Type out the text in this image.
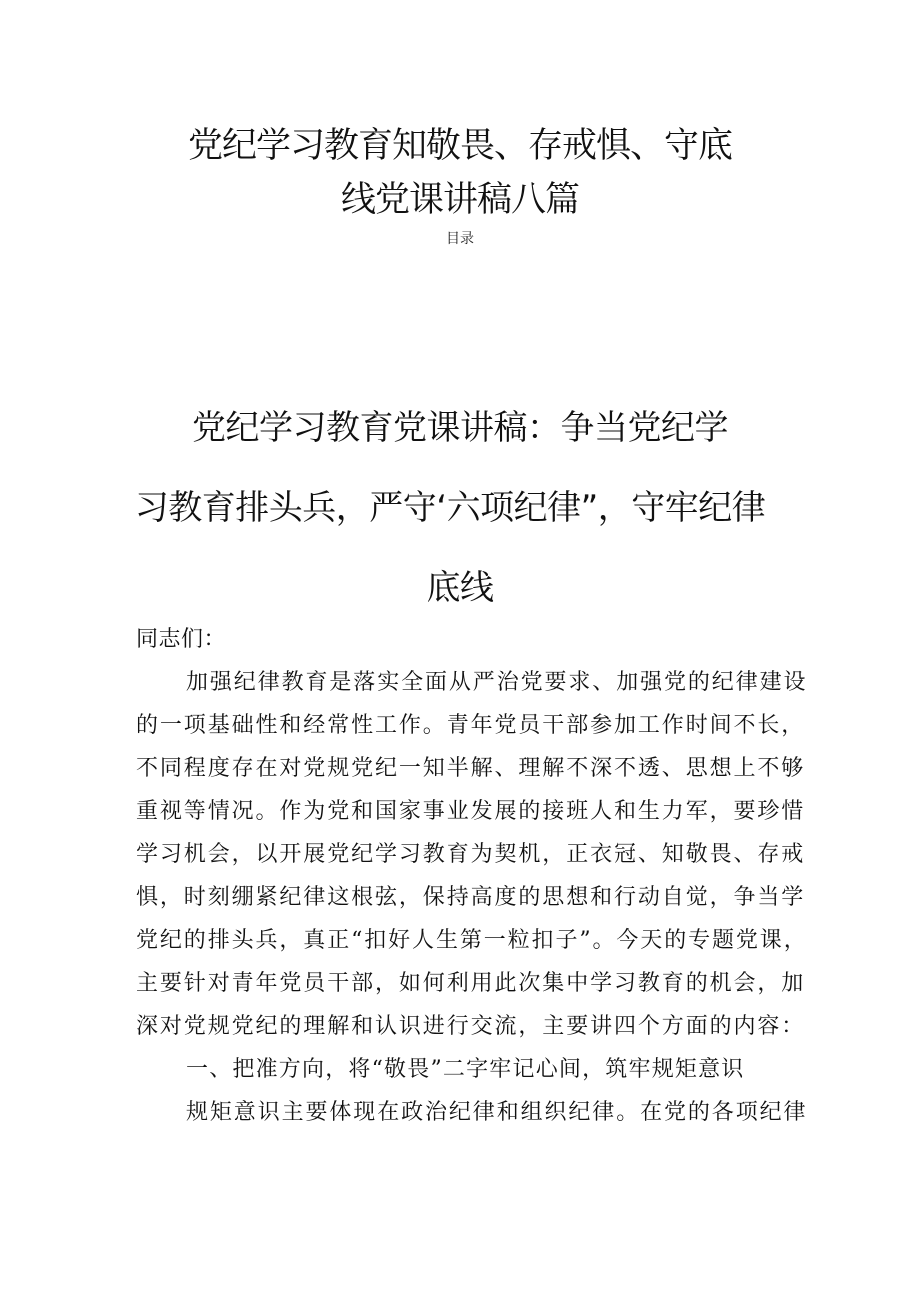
党纪学习教育知敬畏、存戒惧、守底
线党课讲稿八篇
目录
党纪学习教育党课讲稿：争当党纪学
习教育排头兵，严守‘六项纪律”，守牢纪律
底线
同志们：
加强纪律教育是落实全面从严治党要求、加强党的纪律建设
的一项基础性和经常性工作。青年党员干部参加工作时间不长，
不同程度存在对党规党纪一知半解、理解不深不透、思想上不够
重视等情况。作为党和国家事业发展的接班人和生力军，要珍惜
学习机会，以开展党纪学习教育为契机，正衣冠、知敬畏、存戒
惧，时刻绷紧纪律这根弦，保持高度的思想和行动自觉，争当学
党纪的排头兵，真正“扣好人生第一粒扣子”。今天的专题党课，
主要针对青年党员干部，如何利用此次集中学习教育的机会，加
深对党规党纪的理解和认识进行交流，主要讲四个方面的内容：
一、把准方向，将“敬畏”二字牢记心间，筑牢规矩意识
规矩意识主要体现在政治纪律和组织纪律。在党的各项纪律
